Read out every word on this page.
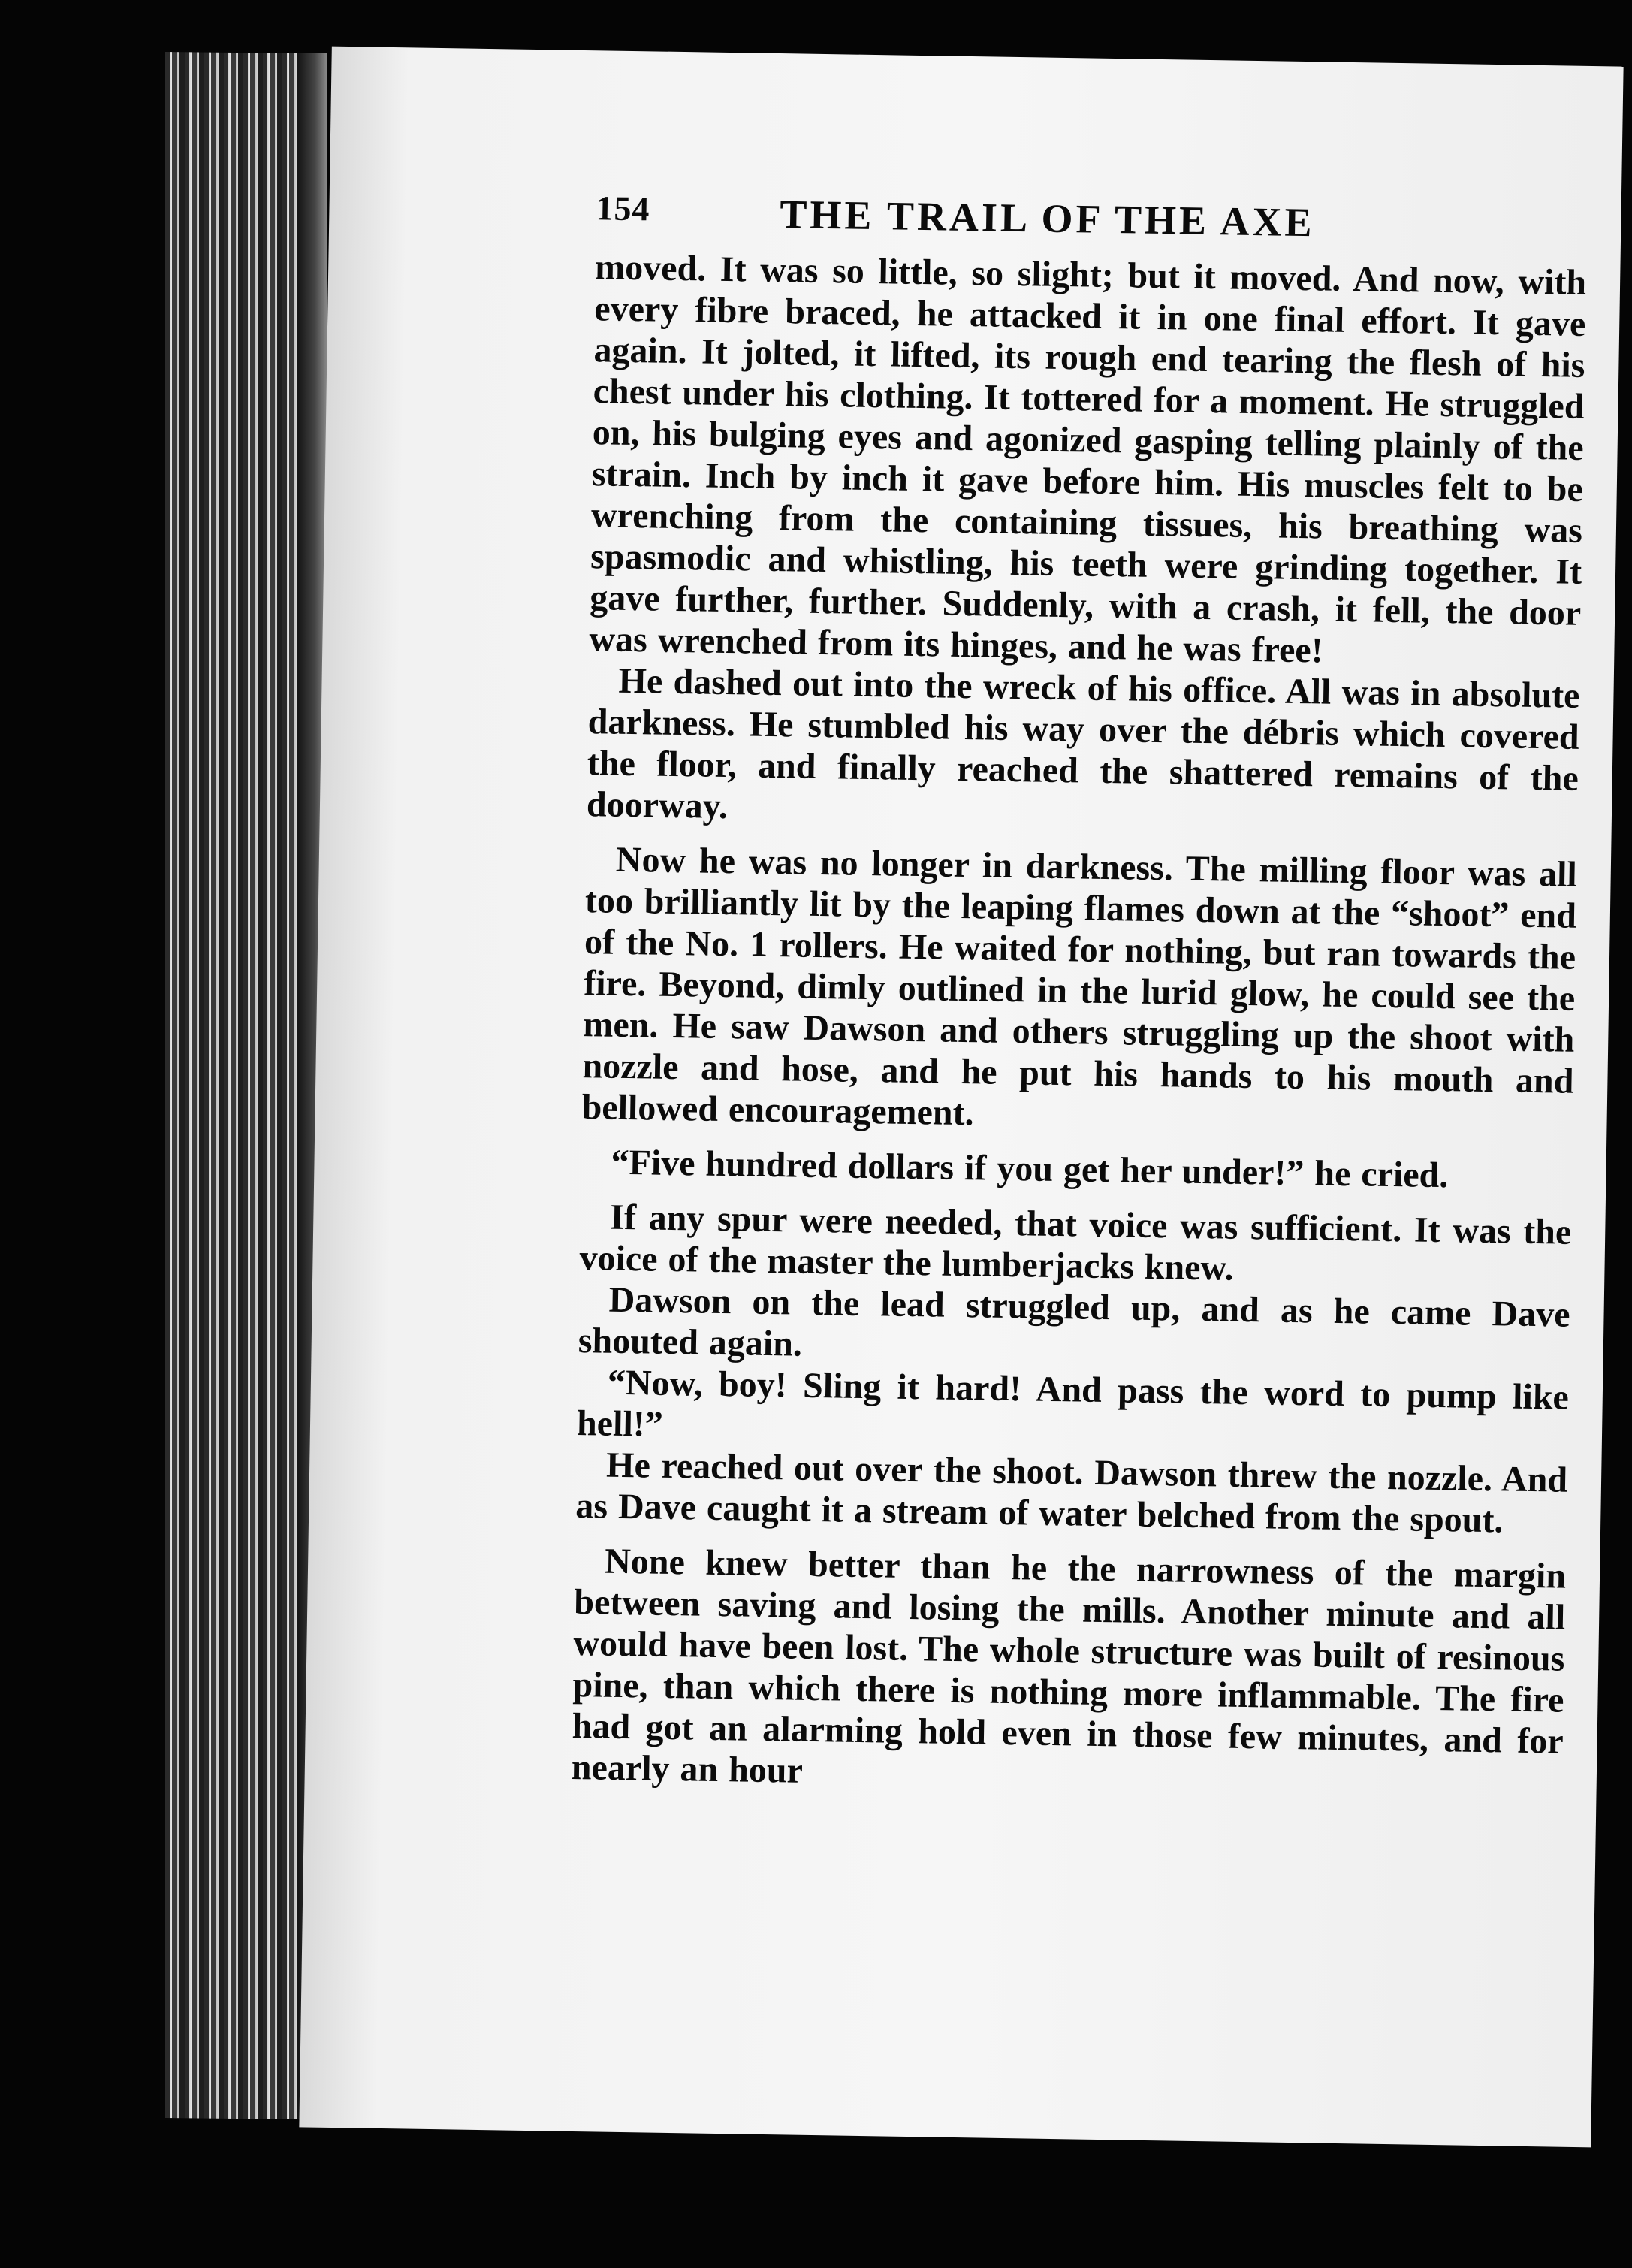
154	THE TRAIL OF THE AXE

moved. It was so little, so slight; but it moved. And now, with every fibre braced, he attacked it in one final effort. It gave again. It jolted, it lifted, its rough end tearing the flesh of his chest under his clothing. It tottered for a moment. He struggled on, his bulging eyes and agonized gasping telling plainly of the strain. Inch by inch it gave before him. His muscles felt to be wrenching from the containing tissues, his breathing was spasmodic and whistling, his teeth were grinding together. It gave further, further. Suddenly, with a crash, it fell, the door was wrenched from its hinges, and he was free!

He dashed out into the wreck of his office. All was in absolute darkness. He stumbled his way over the débris which covered the floor, and finally reached the shattered remains of the doorway.

Now he was no longer in darkness. The milling floor was all too brilliantly lit by the leaping flames down at the “shoot” end of the No. 1 rollers. He waited for nothing, but ran towards the fire. Beyond, dimly outlined in the lurid glow, he could see the men. He saw Dawson and others struggling up the shoot with nozzle and hose, and he put his hands to his mouth and bellowed encouragement.

“Five hundred dollars if you get her under!” he cried.

If any spur were needed, that voice was sufficient. It was the voice of the master the lumberjacks knew.

Dawson on the lead struggled up, and as he came Dave shouted again.

“Now, boy! Sling it hard! And pass the word to pump like hell!”

He reached out over the shoot. Dawson threw the nozzle. And as Dave caught it a stream of water belched from the spout.

None knew better than he the narrowness of the margin between saving and losing the mills. Another minute and all would have been lost. The whole structure was built of resinous pine, than which there is nothing more inflammable. The fire had got an alarming hold even in those few minutes, and for nearly an hour
